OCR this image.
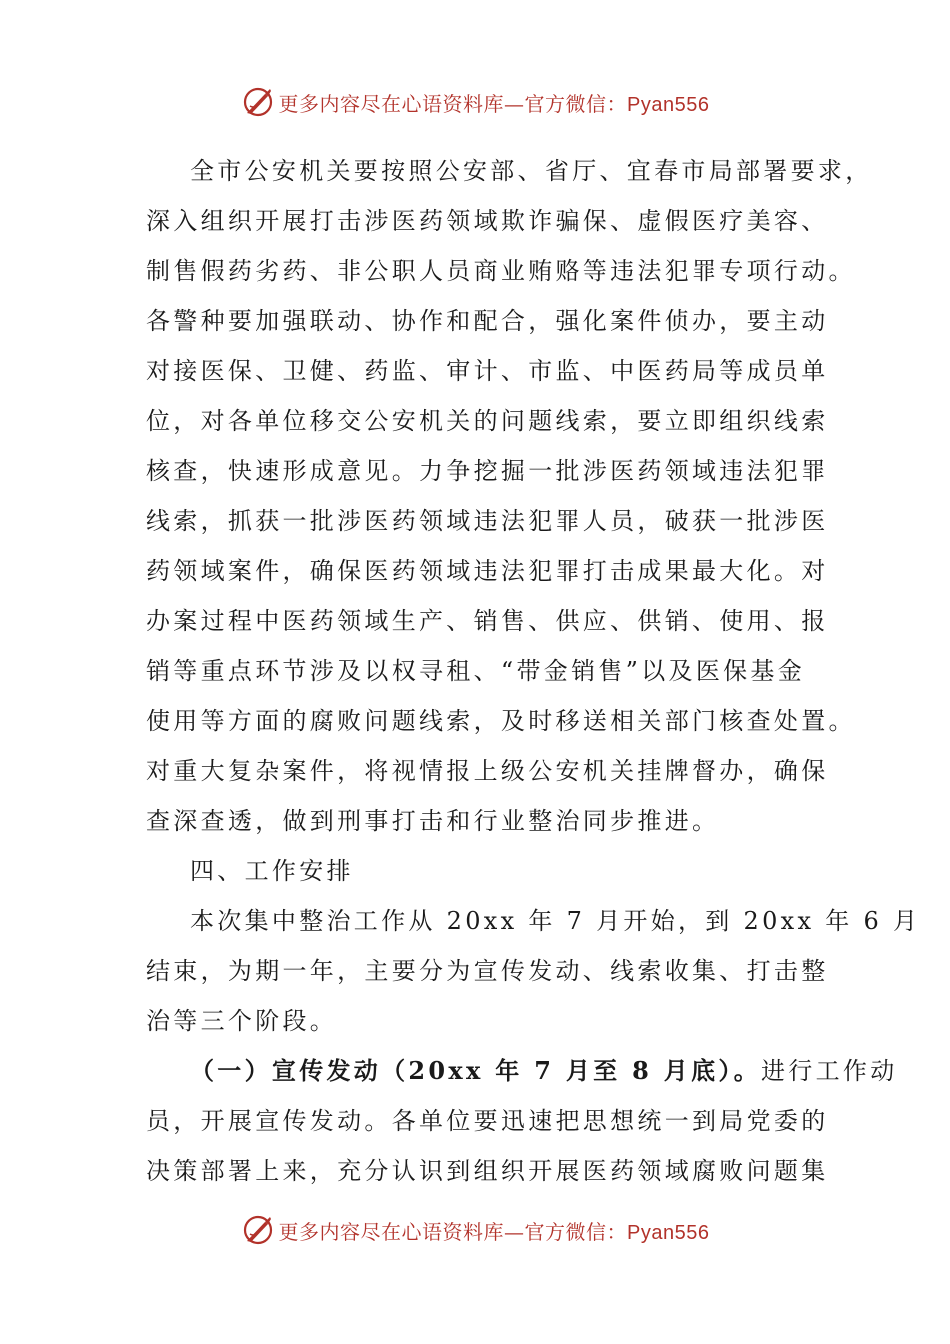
更多内容尽在心语资料库—官方微信：Pyan556
全市公安机关要按照公安部、省厅、宜春市局部署要求，
深入组织开展打击涉医药领域欺诈骗保、虚假医疗美容、
制售假药劣药、非公职人员商业贿赂等违法犯罪专项行动。
各警种要加强联动、协作和配合，强化案件侦办，要主动
对接医保、卫健、药监、审计、市监、中医药局等成员单
位，对各单位移交公安机关的问题线索，要立即组织线索
核查，快速形成意见。力争挖掘一批涉医药领域违法犯罪
线索，抓获一批涉医药领域违法犯罪人员，破获一批涉医
药领域案件，确保医药领域违法犯罪打击成果最大化。对
办案过程中医药领域生产、销售、供应、供销、使用、报
销等重点环节涉及以权寻租、“带金销售”以及医保基金
使用等方面的腐败问题线索，及时移送相关部门核查处置。
对重大复杂案件，将视情报上级公安机关挂牌督办，确保
查深查透，做到刑事打击和行业整治同步推进。
四、工作安排
本次集中整治工作从 20xx 年 7 月开始，到 20xx 年 6 月
结束，为期一年，主要分为宣传发动、线索收集、打击整
治等三个阶段。
（一）宣传发动（20xx 年 7 月至 8 月底）。进行工作动
员，开展宣传发动。各单位要迅速把思想统一到局党委的
决策部署上来，充分认识到组织开展医药领域腐败问题集
更多内容尽在心语资料库—官方微信：Pyan556
